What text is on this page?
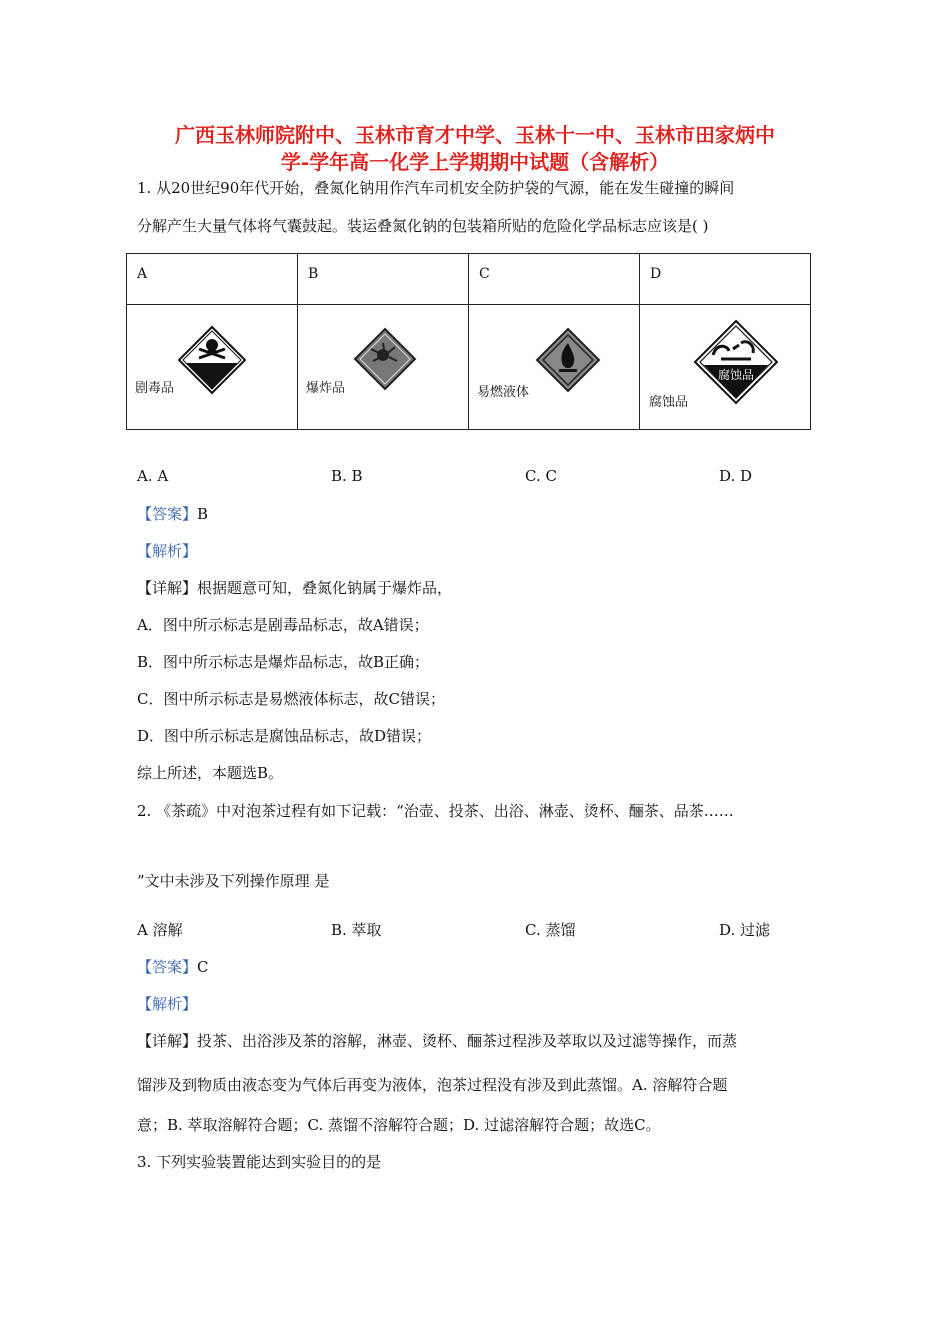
广西玉林师院附中、玉林市育才中学、玉林十一中、玉林市田家炳中
学-学年高一化学上学期期中试题（含解析）
1. 从20世纪90年代开始，叠氮化钠用作汽车司机安全防护袋的气源，能在发生碰撞的瞬间
分解产生大量气体将气囊鼓起。装运叠氮化钠的包装箱所贴的危险化学品标志应该是( )
A	B	C	D

剧毒品	爆炸品	易燃液体	腐蚀品
腐蚀品
A. A	B. B	C. C	D. D
【答案】B
【解析】
【详解】根据题意可知，叠氮化钠属于爆炸品，
A．图中所示标志是剧毒品标志，故A错误；
B．图中所示标志是爆炸品标志，故B正确；
C．图中所示标志是易燃液体标志，故C错误；
D．图中所示标志是腐蚀品标志，故D错误；
综上所述，本题选B。
2. 《茶疏》中对泡茶过程有如下记载：“治壶、投茶、出浴、淋壶、烫杯、酾茶、品茶……
”文中未涉及下列操作原理 是
A 溶解	B. 萃取	C. 蒸馏	D. 过滤
【答案】C
【解析】
【详解】投茶、出浴涉及茶的溶解，淋壶、烫杯、酾茶过程涉及萃取以及过滤等操作，而蒸
馏涉及到物质由液态变为气体后再变为液体，泡茶过程没有涉及到此蒸馏。A. 溶解符合题
意；B. 萃取溶解符合题；C. 蒸馏不溶解符合题；D. 过滤溶解符合题；故选C。
3. 下列实验装置能达到实验目的的是
